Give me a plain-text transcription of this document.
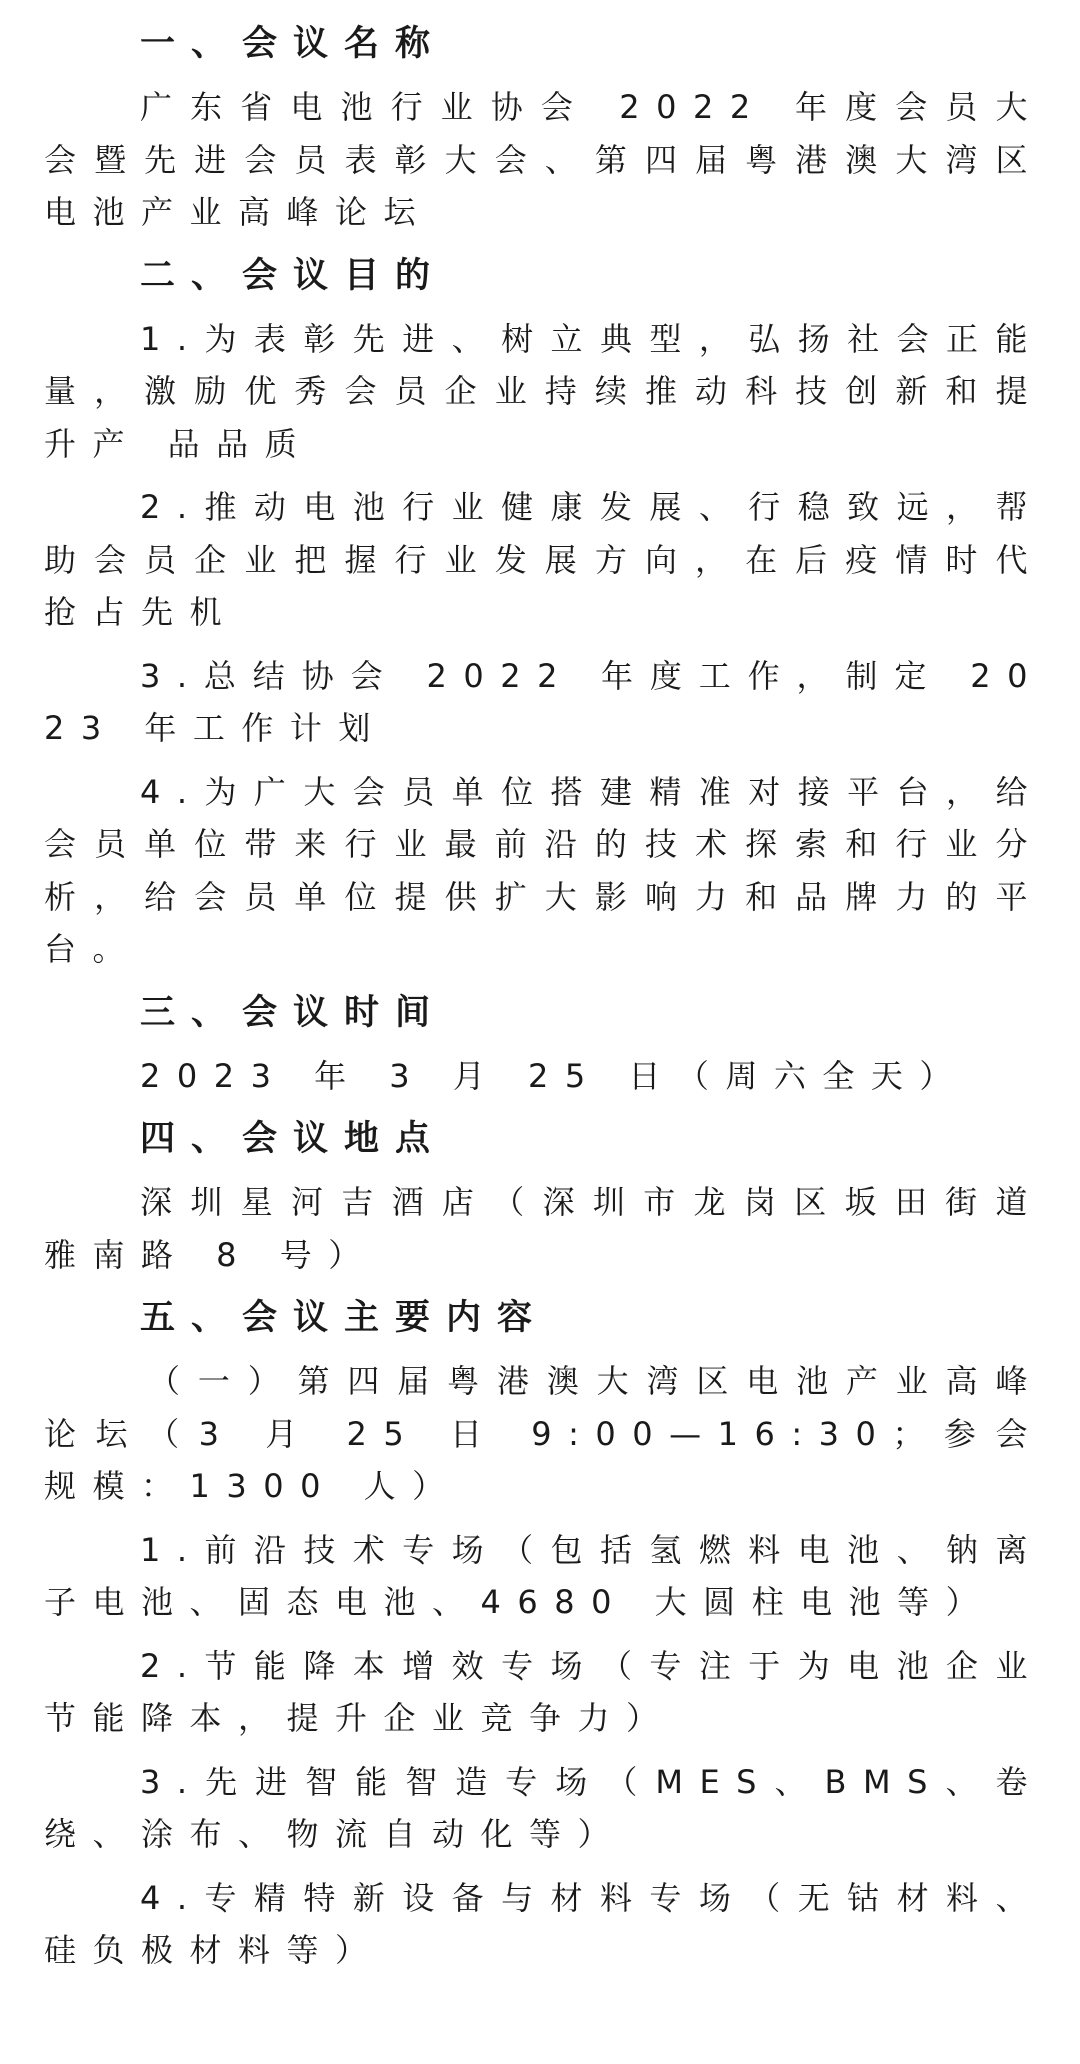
一、会议名称
广东省电池行业协会 2022 年度会员大会暨先进会员表彰大会、第四届粤港澳大湾区电池产业高峰论坛
二、会议目的
1.为表彰先进、树立典型，弘扬社会正能量，激励优秀会员企业持续推动科技创新和提升产 品品质
2.推动电池行业健康发展、行稳致远，帮助会员企业把握行业发展方向，在后疫情时代抢占先机
3.总结协会 2022 年度工作，制定 2023 年工作计划
4.为广大会员单位搭建精准对接平台，给会员单位带来行业最前沿的技术探索和行业分析，给会员单位提供扩大影响力和品牌力的平台。
三、会议时间
2023 年 3 月 25 日（周六全天）
四、会议地点
深圳星河吉酒店（深圳市龙岗区坂田街道雅南路 8 号）
五、会议主要内容
（一）第四届粤港澳大湾区电池产业高峰论坛（3 月 25 日 9:00—16:30；参会规模：1300 人）
1.前沿技术专场（包括氢燃料电池、钠离子电池、固态电池、4680 大圆柱电池等）
2.节能降本增效专场（专注于为电池企业节能降本，提升企业竞争力）
3.先进智能智造专场（MES、BMS、卷绕、涂布、物流自动化等）
4.专精特新设备与材料专场（无钴材料、硅负极材料等）
